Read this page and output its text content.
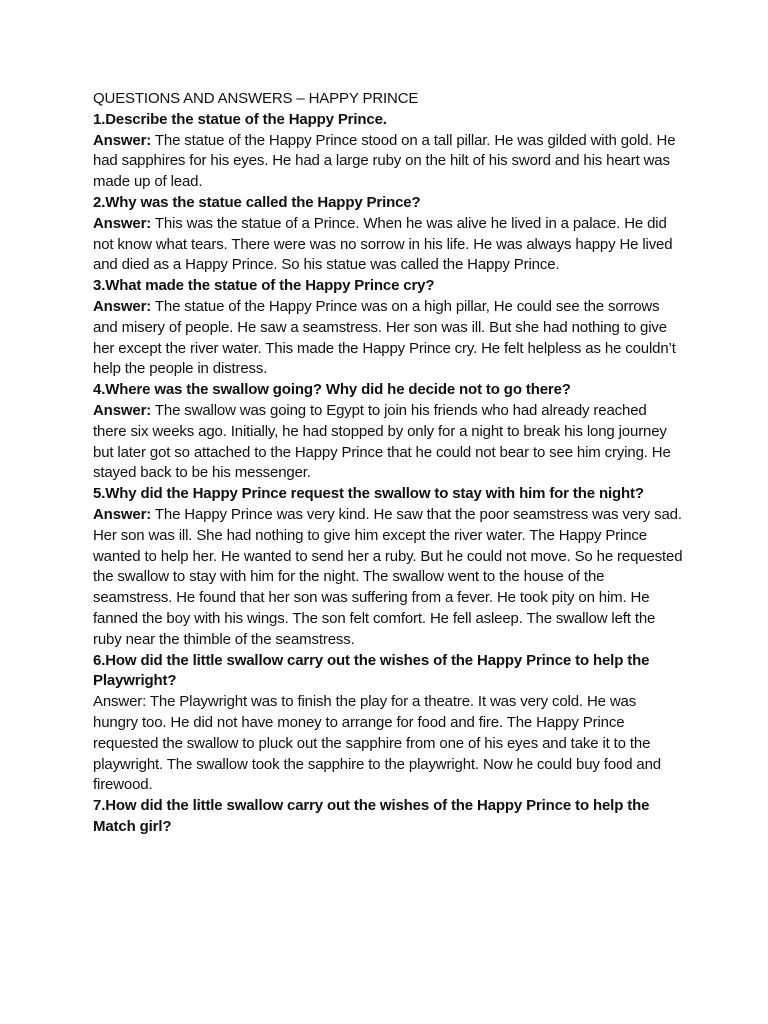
QUESTIONS AND ANSWERS – HAPPY PRINCE

1.Describe the statue of the Happy Prince.

Answer: The statue of the Happy Prince stood on a tall pillar. He was gilded with gold. He had sapphires for his eyes. He had a large ruby on the hilt of his sword and his heart was made up of lead.

2.Why was the statue called the Happy Prince?

Answer: This was the statue of a Prince. When he was alive he lived in a palace. He did not know what tears. There were was no sorrow in his life. He was always happy He lived and died as a Happy Prince. So his statue was called the Happy Prince.

3.What made the statue of the Happy Prince cry?

Answer: The statue of the Happy Prince was on a high pillar, He could see the sorrows and misery of people. He saw a seamstress. Her son was ill. But she had nothing to give her except the river water. This made the Happy Prince cry. He felt helpless as he couldn’t help the people in distress.

4.Where was the swallow going? Why did he decide not to go there?

Answer: The swallow was going to Egypt to join his friends who had already reached there six weeks ago. Initially, he had stopped by only for a night to break his long journey but later got so attached to the Happy Prince that he could not bear to see him crying. He stayed back to be his messenger.

5.Why did the Happy Prince request the swallow to stay with him for the night?

Answer: The Happy Prince was very kind. He saw that the poor seamstress was very sad. Her son was ill. She had nothing to give him except the river water. The Happy Prince wanted to help her. He wanted to send her a ruby. But he could not move. So he requested the swallow to stay with him for the night. The swallow went to the house of the seamstress. He found that her son was suffering from a fever. He took pity on him. He fanned the boy with his wings. The son felt comfort. He fell asleep. The swallow left the ruby near the thimble of the seamstress.

6.How did the little swallow carry out the wishes of the Happy Prince to help the Playwright?

Answer: The Playwright was to finish the play for a theatre. It was very cold. He was hungry too. He did not have money to arrange for food and fire. The Happy Prince requested the swallow to pluck out the sapphire from one of his eyes and take it to the playwright. The swallow took the sapphire to the playwright. Now he could buy food and firewood.

7.How did the little swallow carry out the wishes of the Happy Prince to help the Match girl?
